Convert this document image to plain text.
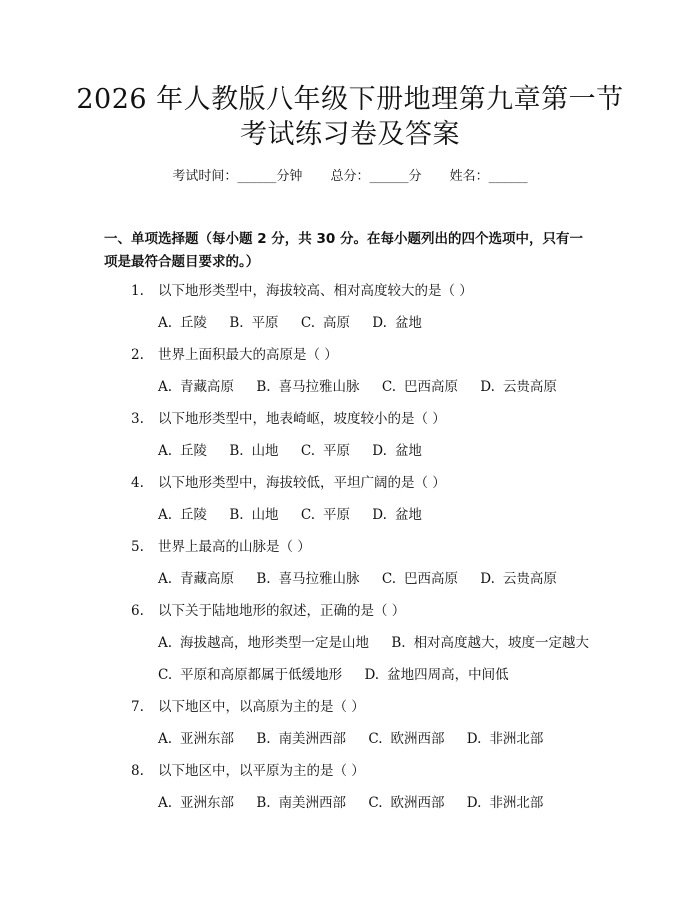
2026 年人教版八年级下册地理第九章第一节
考试练习卷及答案
考试时间：______分钟 总分：______分 姓名：______
一、单项选择题（每小题 2 分，共 30 分。在每小题列出的四个选项中，只有一项是最符合题目要求的。）
1. 以下地形类型中，海拔较高、相对高度较大的是（ ）
A. 丘陵 B. 平原 C. 高原 D. 盆地
2. 世界上面积最大的高原是（ ）
A. 青藏高原 B. 喜马拉雅山脉 C. 巴西高原 D. 云贵高原
3. 以下地形类型中，地表崎岖，坡度较小的是（ ）
A. 丘陵 B. 山地 C. 平原 D. 盆地
4. 以下地形类型中，海拔较低，平坦广阔的是（ ）
A. 丘陵 B. 山地 C. 平原 D. 盆地
5. 世界上最高的山脉是（ ）
A. 青藏高原 B. 喜马拉雅山脉 C. 巴西高原 D. 云贵高原
6. 以下关于陆地地形的叙述，正确的是（ ）
A. 海拔越高，地形类型一定是山地 B. 相对高度越大，坡度一定越大
C. 平原和高原都属于低缓地形 D. 盆地四周高，中间低
7. 以下地区中，以高原为主的是（ ）
A. 亚洲东部 B. 南美洲西部 C. 欧洲西部 D. 非洲北部
8. 以下地区中，以平原为主的是（ ）
A. 亚洲东部 B. 南美洲西部 C. 欧洲西部 D. 非洲北部
